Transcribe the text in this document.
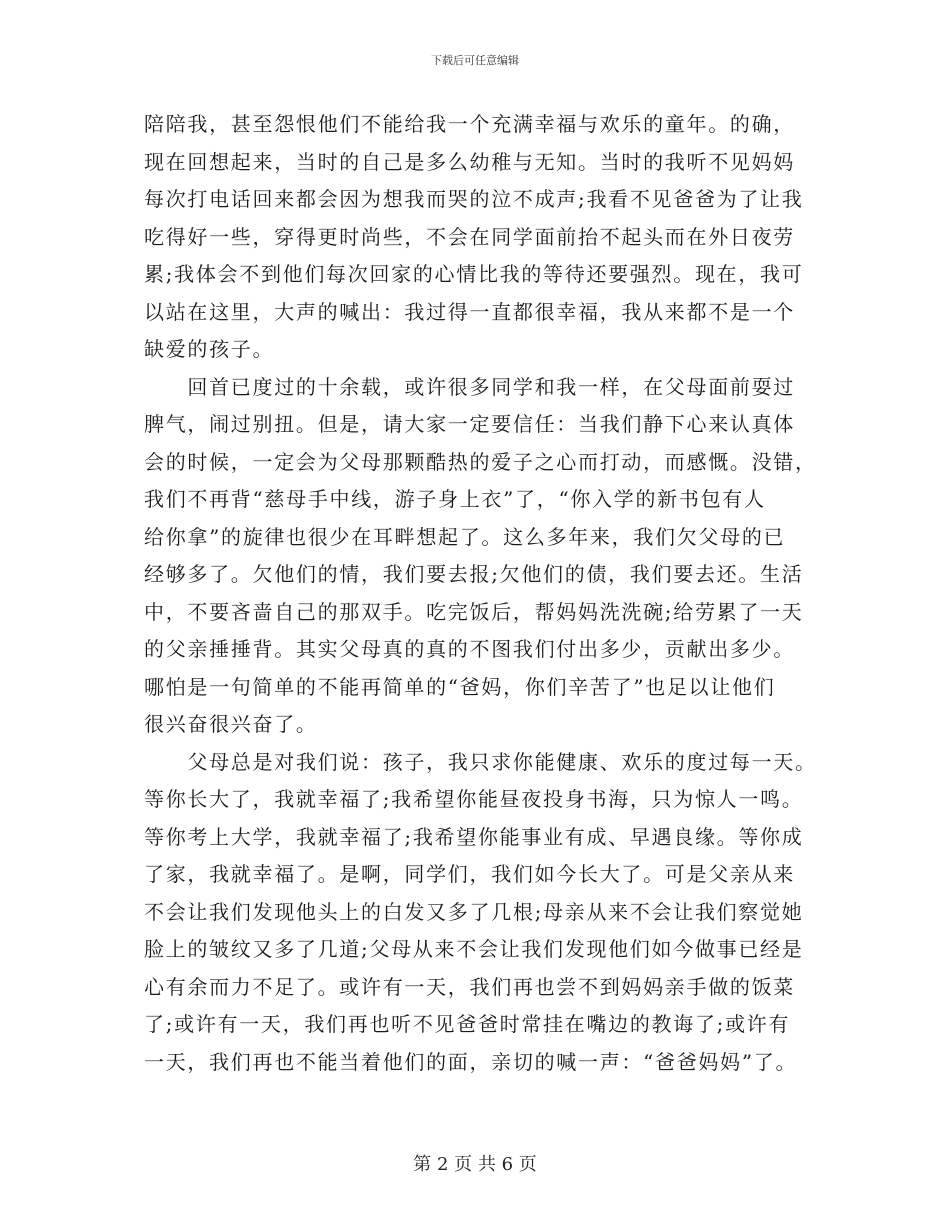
下载后可任意编辑
陪陪我，甚至怨恨他们不能给我一个充满幸福与欢乐的童年。的确，
现在回想起来，当时的自己是多么幼稚与无知。当时的我听不见妈妈
每次打电话回来都会因为想我而哭的泣不成声;我看不见爸爸为了让我
吃得好一些，穿得更时尚些，不会在同学面前抬不起头而在外日夜劳
累;我体会不到他们每次回家的心情比我的等待还要强烈。现在，我可
以站在这里，大声的喊出：我过得一直都很幸福，我从来都不是一个
缺爱的孩子。
　　回首已度过的十余载，或许很多同学和我一样，在父母面前耍过
脾气，闹过别扭。但是，请大家一定要信任：当我们静下心来认真体
会的时候，一定会为父母那颗酷热的爱子之心而打动，而感慨。没错，
我们不再背“慈母手中线，游子身上衣”了，“你入学的新书包有人
给你拿”的旋律也很少在耳畔想起了。这么多年来，我们欠父母的已
经够多了。欠他们的情，我们要去报;欠他们的债，我们要去还。生活
中，不要吝啬自己的那双手。吃完饭后，帮妈妈洗洗碗;给劳累了一天
的父亲捶捶背。其实父母真的真的不图我们付出多少，贡献出多少。
哪怕是一句简单的不能再简单的“爸妈，你们辛苦了”也足以让他们
很兴奋很兴奋了。
　　父母总是对我们说：孩子，我只求你能健康、欢乐的度过每一天。
等你长大了，我就幸福了;我希望你能昼夜投身书海，只为惊人一鸣。
等你考上大学，我就幸福了;我希望你能事业有成、早遇良缘。等你成
了家，我就幸福了。是啊，同学们，我们如今长大了。可是父亲从来
不会让我们发现他头上的白发又多了几根;母亲从来不会让我们察觉她
脸上的皱纹又多了几道;父母从来不会让我们发现他们如今做事已经是
心有余而力不足了。或许有一天，我们再也尝不到妈妈亲手做的饭菜
了;或许有一天，我们再也听不见爸爸时常挂在嘴边的教诲了;或许有
一天，我们再也不能当着他们的面，亲切的喊一声：“爸爸妈妈”了。
第 2 页 共 6 页
